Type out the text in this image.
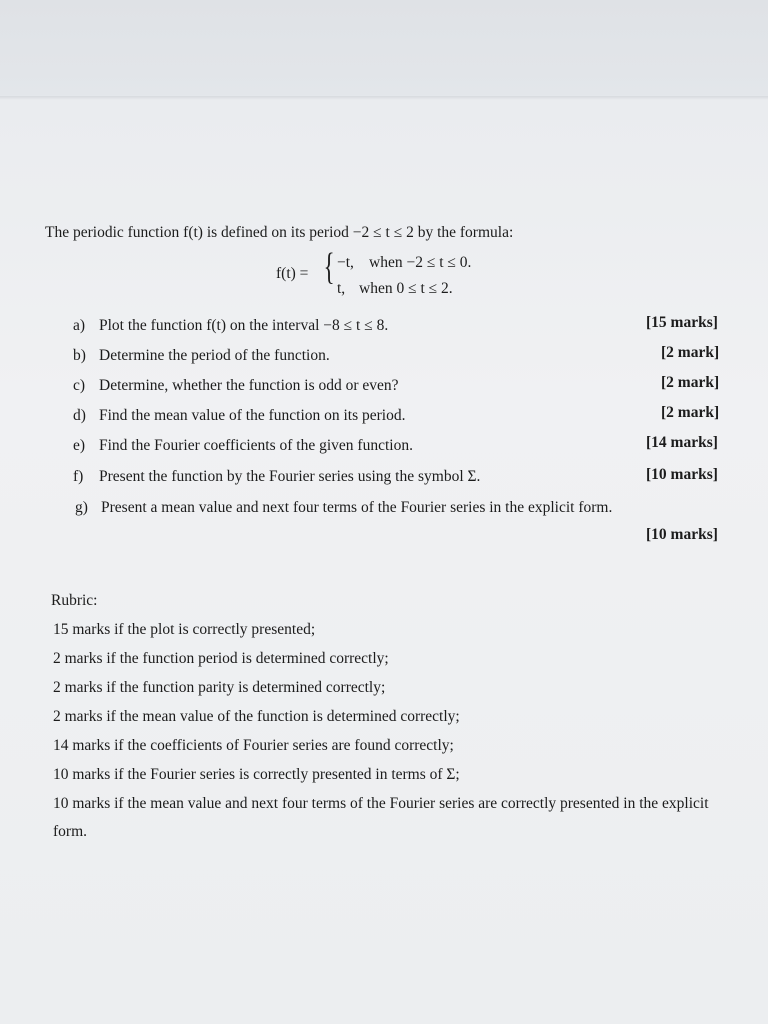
The periodic function f(t) is defined on its period −2 ≤ t ≤ 2 by the formula:
f(t) = { −t, when −2 ≤ t ≤ 0.
t, when 0 ≤ t ≤ 2.
a) Plot the function f(t) on the interval −8 ≤ t ≤ 8.	[15 marks]
b) Determine the period of the function.	[2 mark]
c) Determine, whether the function is odd or even?	[2 mark]
d) Find the mean value of the function on its period.	[2 mark]
e) Find the Fourier coefficients of the given function.	[14 marks]
f) Present the function by the Fourier series using the symbol Σ.	[10 marks]
g) Present a mean value and next four terms of the Fourier series in the explicit form.
[10 marks]
Rubric:
15 marks if the plot is correctly presented;
2 marks if the function period is determined correctly;
2 marks if the function parity is determined correctly;
2 marks if the mean value of the function is determined correctly;
14 marks if the coefficients of Fourier series are found correctly;
10 marks if the Fourier series is correctly presented in terms of Σ;
10 marks if the mean value and next four terms of the Fourier series are correctly presented in the explicit form.
